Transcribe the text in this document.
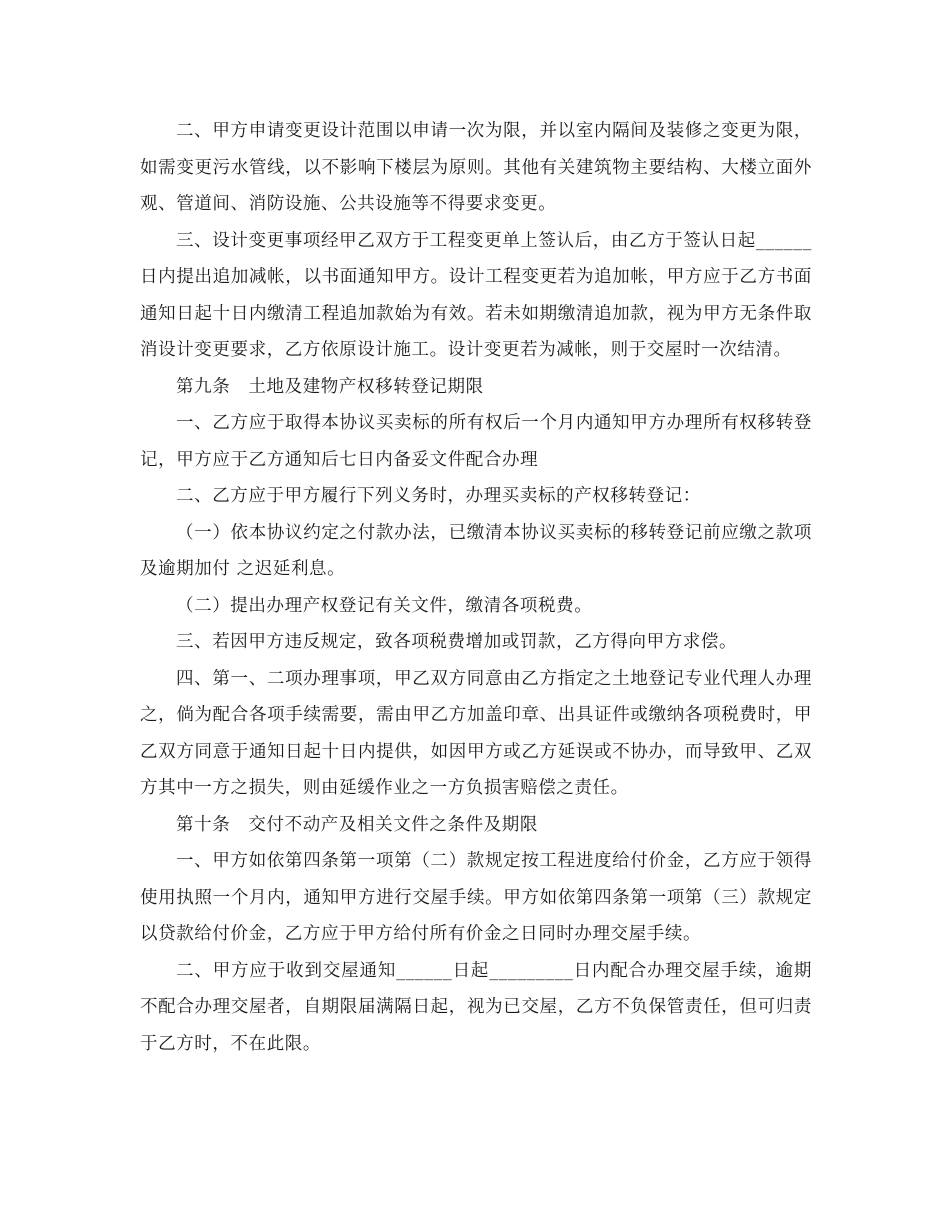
二、甲方申请变更设计范围以申请一次为限，并以室内隔间及装修之变更为限，如需变更污水管线，以不影响下楼层为原则。其他有关建筑物主要结构、大楼立面外观、管道间、消防设施、公共设施等不得要求变更。

三、设计变更事项经甲乙双方于工程变更单上签认后，由乙方于签认日起______日内提出追加减帐，以书面通知甲方。设计工程变更若为追加帐，甲方应于乙方书面通知日起十日内缴清工程追加款始为有效。若未如期缴清追加款，视为甲方无条件取消设计变更要求，乙方依原设计施工。设计变更若为减帐，则于交屋时一次结清。

第九条　土地及建物产权移转登记期限

一、乙方应于取得本协议买卖标的所有权后一个月内通知甲方办理所有权移转登记，甲方应于乙方通知后七日内备妥文件配合办理

二、乙方应于甲方履行下列义务时，办理买卖标的产权移转登记：

（一）依本协议约定之付款办法，已缴清本协议买卖标的移转登记前应缴之款项及逾期加付 之迟延利息。

（二）提出办理产权登记有关文件，缴清各项税费。

三、若因甲方违反规定，致各项税费增加或罚款，乙方得向甲方求偿。

四、第一、二项办理事项，甲乙双方同意由乙方指定之土地登记专业代理人办理之，倘为配合各项手续需要，需由甲乙方加盖印章、出具证件或缴纳各项税费时，甲乙双方同意于通知日起十日内提供，如因甲方或乙方延误或不协办，而导致甲、乙双方其中一方之损失，则由延缓作业之一方负损害赔偿之责任。

第十条　交付不动产及相关文件之条件及期限

一、甲方如依第四条第一项第（二）款规定按工程进度给付价金，乙方应于领得使用执照一个月内，通知甲方进行交屋手续。甲方如依第四条第一项第（三）款规定以贷款给付价金，乙方应于甲方给付所有价金之日同时办理交屋手续。

二、甲方应于收到交屋通知______日起_________日内配合办理交屋手续，逾期不配合办理交屋者，自期限届满隔日起，视为已交屋，乙方不负保管责任，但可归责于乙方时，不在此限。
